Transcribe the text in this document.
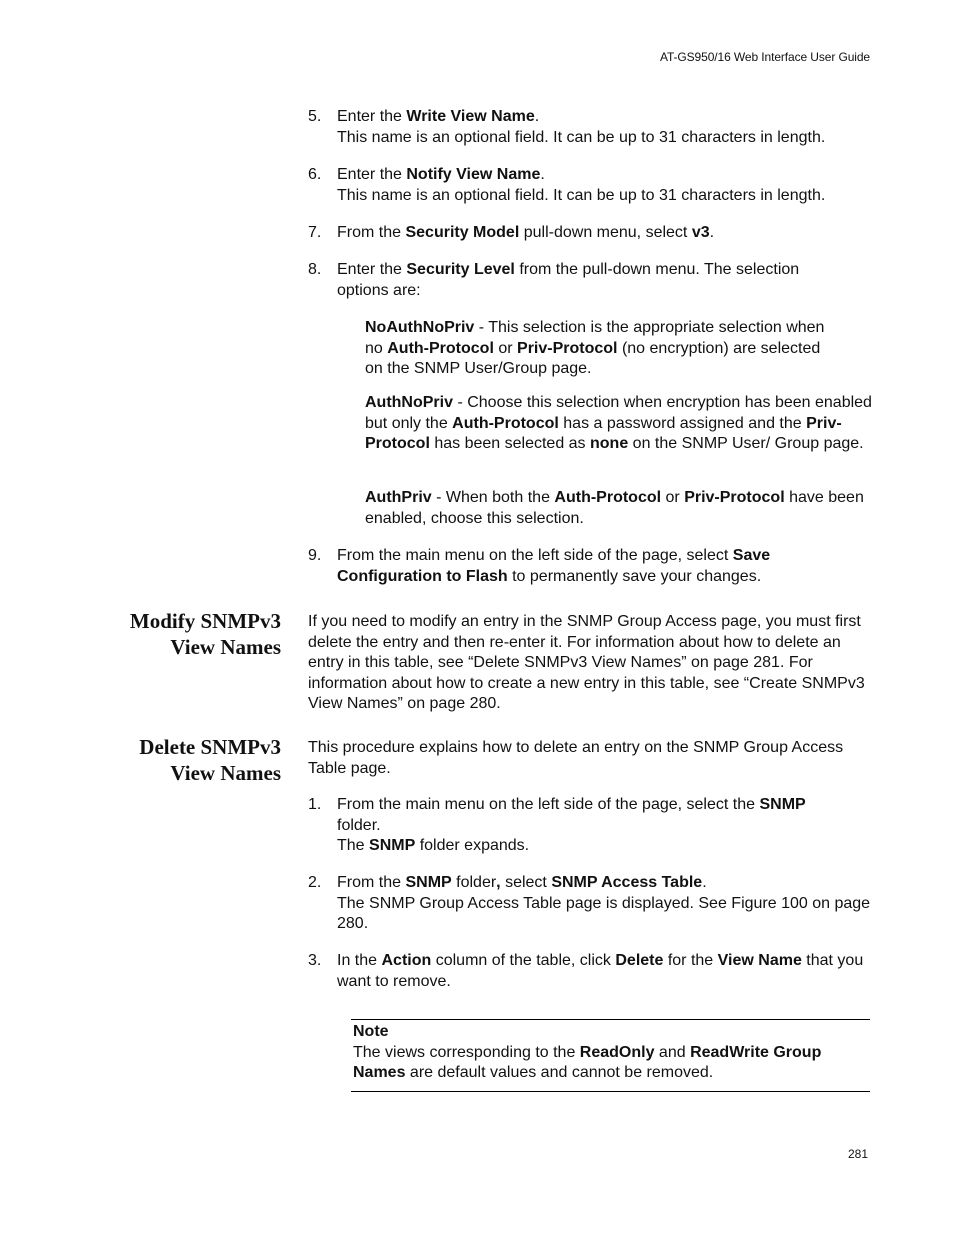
AT-GS950/16 Web Interface User Guide
5. Enter the Write View Name.
This name is an optional field. It can be up to 31 characters in length.
6. Enter the Notify View Name.
This name is an optional field. It can be up to 31 characters in length.
7. From the Security Model pull-down menu, select v3.
8. Enter the Security Level from the pull-down menu. The selection options are:
NoAuthNoPriv - This selection is the appropriate selection when no Auth-Protocol or Priv-Protocol (no encryption) are selected on the SNMP User/Group page.
AuthNoPriv - Choose this selection when encryption has been enabled but only the Auth-Protocol has a password assigned and the Priv-Protocol has been selected as none on the SNMP User/ Group page.
AuthPriv - When both the Auth-Protocol or Priv-Protocol have been enabled, choose this selection.
9. From the main menu on the left side of the page, select Save Configuration to Flash to permanently save your changes.
Modify SNMPv3
View Names
If you need to modify an entry in the SNMP Group Access page, you must first delete the entry and then re-enter it. For information about how to delete an entry in this table, see “Delete SNMPv3 View Names” on page 281. For information about how to create a new entry in this table, see “Create SNMPv3 View Names” on page 280.
Delete SNMPv3
View Names
This procedure explains how to delete an entry on the SNMP Group Access Table page.
1. From the main menu on the left side of the page, select the SNMP folder.
The SNMP folder expands.
2. From the SNMP folder, select SNMP Access Table.
The SNMP Group Access Table page is displayed. See Figure 100 on page 280.
3. In the Action column of the table, click Delete for the View Name that you want to remove.
Note
The views corresponding to the ReadOnly and ReadWrite Group Names are default values and cannot be removed.
281
